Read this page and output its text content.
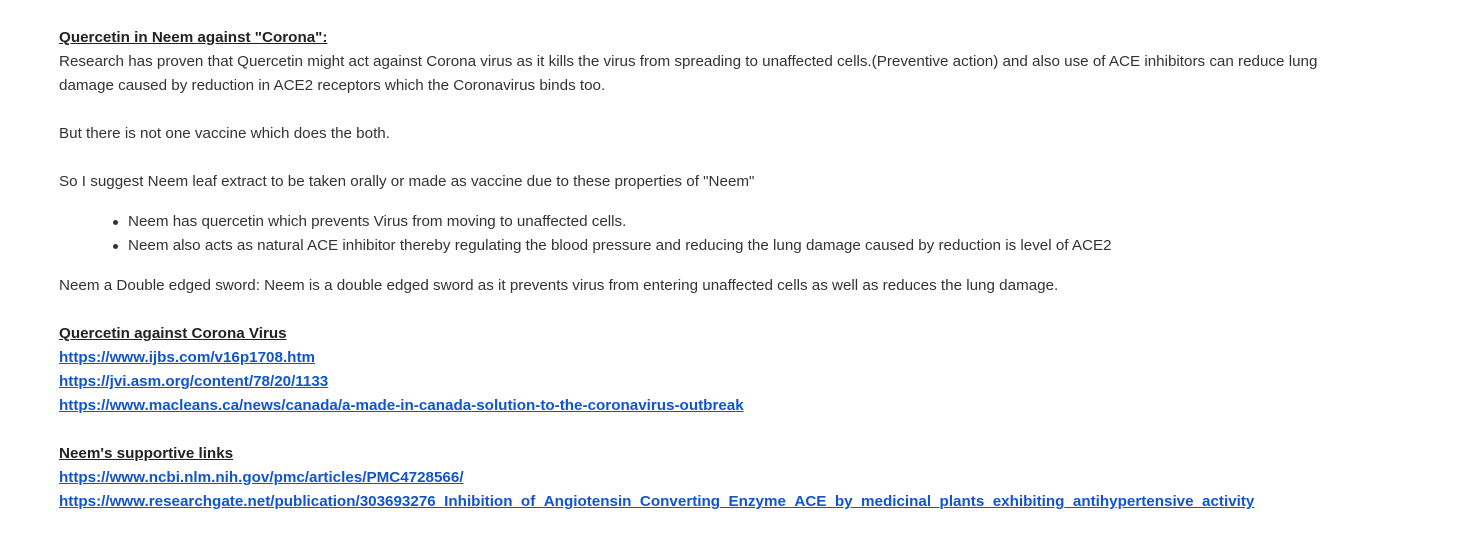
Quercetin in Neem against "Corona":
Research has proven that Quercetin might act against Corona virus as it kills the virus from spreading to unaffected cells.(Preventive action) and also use of ACE inhibitors can reduce lung
damage caused by reduction in ACE2 receptors which the Coronavirus binds too.
But there is not one vaccine which does the both.
So I suggest Neem leaf extract to be taken orally or made as vaccine due to these properties of "Neem"
Neem has quercetin which prevents Virus from moving to unaffected cells.
Neem also acts as natural ACE inhibitor thereby regulating the blood pressure and reducing the lung damage caused by reduction is level of ACE2
Neem a Double edged sword: Neem is a double edged sword as it prevents virus from entering unaffected cells as well as reduces the lung damage.
Quercetin against Corona Virus
https://www.ijbs.com/v16p1708.htm
https://jvi.asm.org/content/78/20/1133
https://www.macleans.ca/news/canada/a-made-in-canada-solution-to-the-coronavirus-outbreak
Neem's supportive links
https://www.ncbi.nlm.nih.gov/pmc/articles/PMC4728566/
https://www.researchgate.net/publication/303693276_Inhibition_of_Angiotensin_Converting_Enzyme_ACE_by_medicinal_plants_exhibiting_antihypertensive_activity
